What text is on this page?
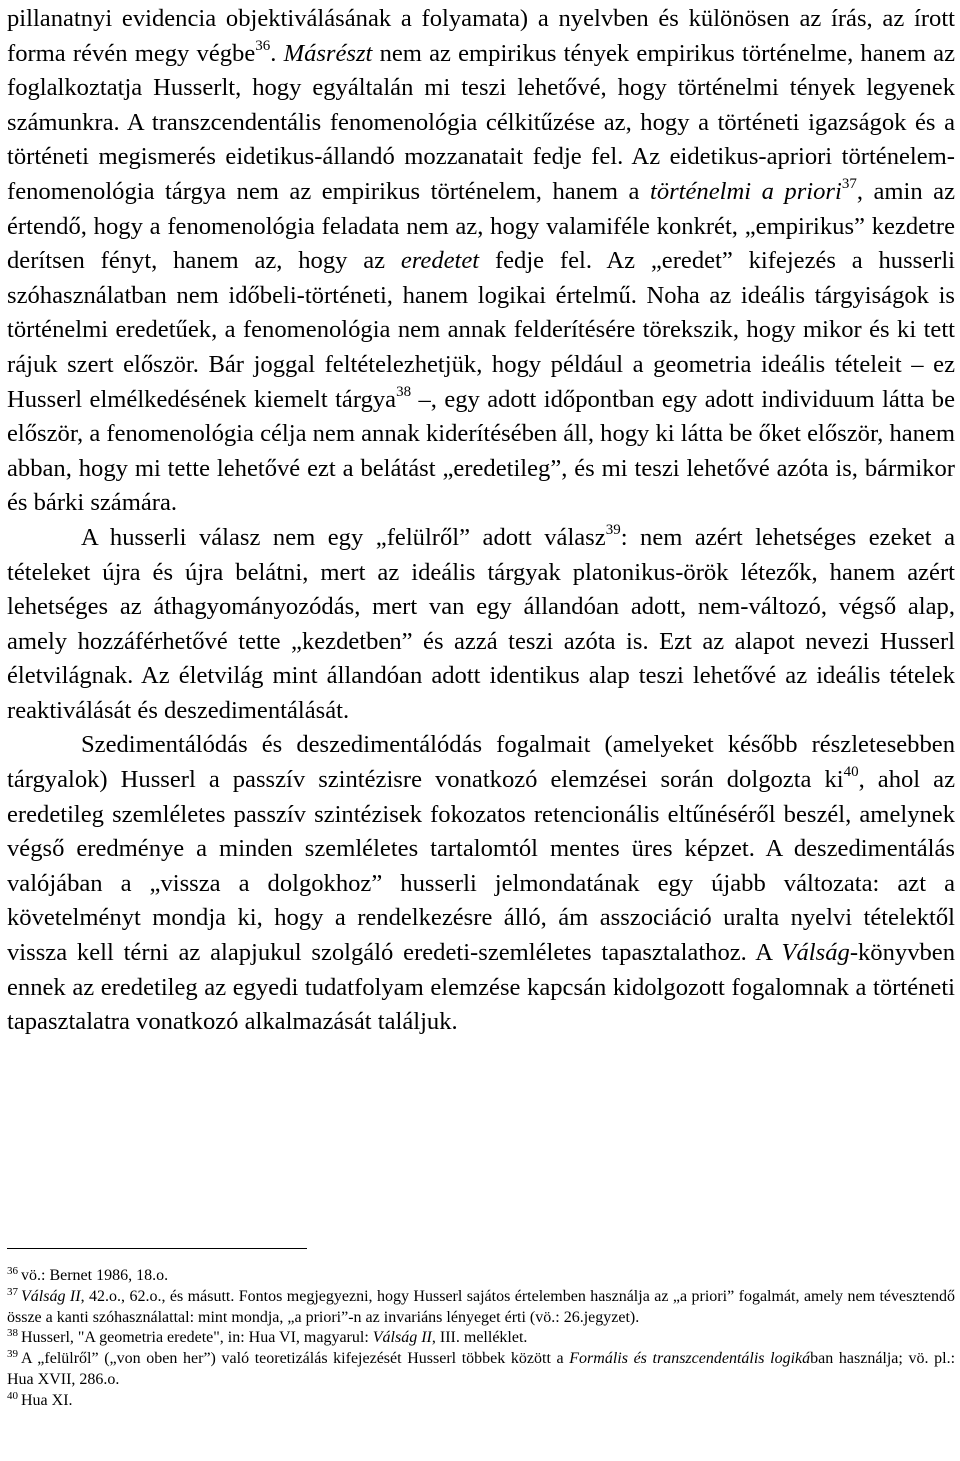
pillanatnyi evidencia objektiválásának a folyamata) a nyelvben és különösen az írás, az írott forma révén megy végbe$^{36}$. Másrészt nem az empirikus tények empirikus történelme, hanem az foglalkoztatja Husserlt, hogy egyáltalán mi teszi lehetővé, hogy történelmi tények legyenek számunkra. A transzcendentális fenomenológia célkitűzése az, hogy a történeti igazságok és a történeti megismerés eidetikus-állandó mozzanatait fedje fel. Az eidetikus-apriori történelem-fenomenológia tárgya nem az empirikus történelem, hanem a történelmi a priori$^{37}$, amin az értendő, hogy a fenomenológia feladata nem az, hogy valamiféle konkrét, „empirikus” kezdetre derítsen fényt, hanem az, hogy az eredetet fedje fel. Az „eredet” kifejezés a husserli szóhasználatban nem időbeli-történeti, hanem logikai értelmű. Noha az ideális tárgyiságok is történelmi eredetűek, a fenomenológia nem annak felderítésére törekszik, hogy mikor és ki tett rájuk szert először. Bár joggal feltételezhetjük, hogy például a geometria ideális tételeit – ez Husserl elmélkedésének kiemelt tárgya$^{38}$ –, egy adott időpontban egy adott individuum látta be először, a fenomenológia célja nem annak kiderítésében áll, hogy ki látta be őket először, hanem abban, hogy mi tette lehetővé ezt a belátást „eredetileg”, és mi teszi lehetővé azóta is, bármikor és bárki számára.

A husserli válasz nem egy „felülről” adott válasz$^{39}$: nem azért lehetséges ezeket a tételeket újra és újra belátni, mert az ideális tárgyak platonikus-örök létezők, hanem azért lehetséges az áthagyományozódás, mert van egy állandóan adott, nem-változó, végső alap, amely hozzáférhetővé tette „kezdetben” és azzá teszi azóta is. Ezt az alapot nevezi Husserl életvilágnak. Az életvilág mint állandóan adott identikus alap teszi lehetővé az ideális tételek reaktiválását és deszedimentálását.

Szedimentálódás és deszedimentálódás fogalmait (amelyeket később részletesebben tárgyalok) Husserl a passzív szintézisre vonatkozó elemzései során dolgozta $ki^{40}$, ahol az eredetileg szemléletes passzív szintézisek fokozatos retencionális eltűnéséről beszél, amelynek végső eredménye a minden szemléletes tartalomtól mentes üres képzet. A deszedimentálás valójában a „vissza a dolgokhoz” husserli jelmondatának egy újabb változata: azt a követelményt mondja ki, hogy a rendelkezésre álló, ám asszociáció uralta nyelvi tételektől vissza kell térni az alapjukul szolgáló eredeti-szemléletes tapasztalathoz. A Válság-könyvben ennek az eredetileg az egyedi tudatfolyam elemzése kapcsán kidolgozott fogalomnak a történeti tapasztalatra vonatkozó alkalmazását találjuk.

$^{36}$ vö.: Bernet 1986, 18.o.

$^{37}$ Válság II, 42.o., 62.o., és másutt. Fontos megjegyezni, hogy Husserl sajátos értelemben használja az „a priori” fogalmát, amely nem tévesztendő össze a kanti szóhasználattal: mint mondja, „a priori”-n az invariáns lényeget érti (vö.: 26.jegyzet).

$^{38}$ Husserl, "A geometria eredete", in: Hua VI, magyarul: Válság II, III. melléklet.

$^{39}$ A „felülről” („von oben her”) való teoretizálás kifejezését Husserl többek között a Formális és transzcendentális logikában használja; vö. pl.: Hua XVII, 286.o.

$^{40}$ Hua XI.
